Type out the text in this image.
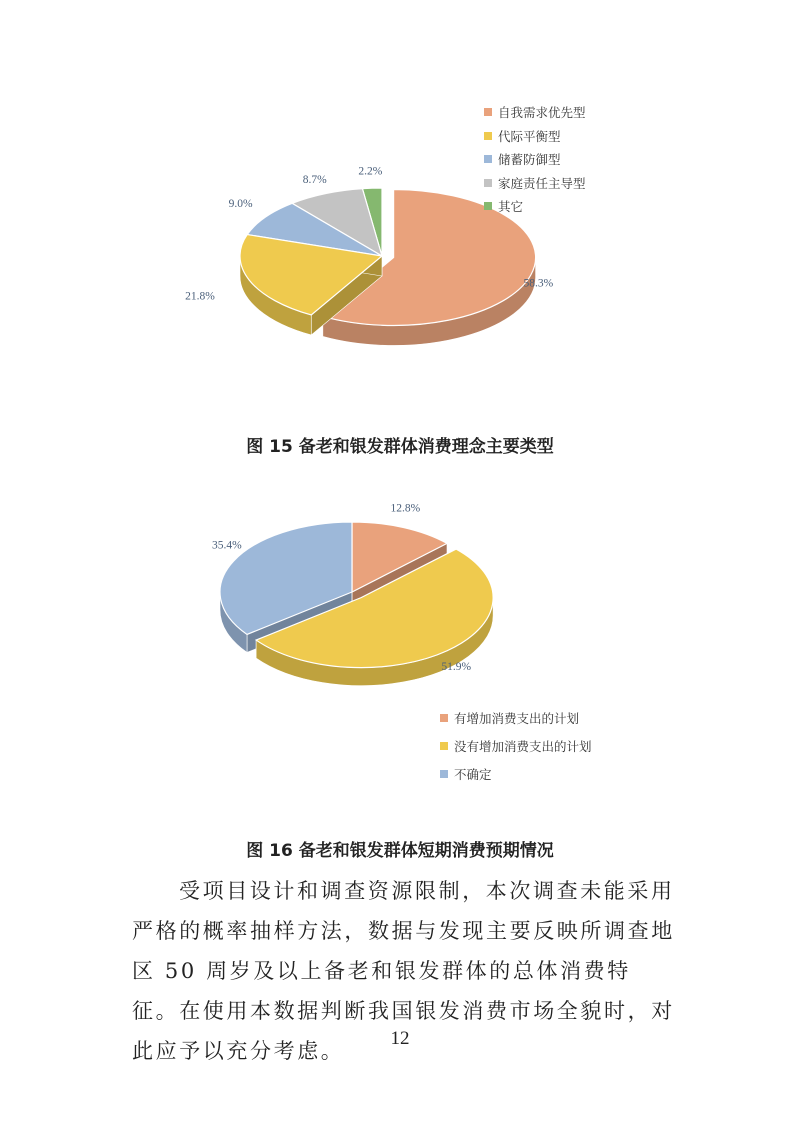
58.3%
21.8%
9.0%
8.7%
2.2%
自我需求优先型
代际平衡型
储蓄防御型
家庭责任主导型
其它
图 15 备老和银发群体消费理念主要类型
12.8%
51.9%
35.4%
有增加消费支出的计划
没有增加消费支出的计划
不确定
图 16 备老和银发群体短期消费预期情况

受项目设计和调查资源限制，本次调查未能采用严格的概率抽样方法，数据与发现主要反映所调查地区 50 周岁及以上备老和银发群体的总体消费特征。在使用本数据判断我国银发消费市场全貌时，对此应予以充分考虑。

12
